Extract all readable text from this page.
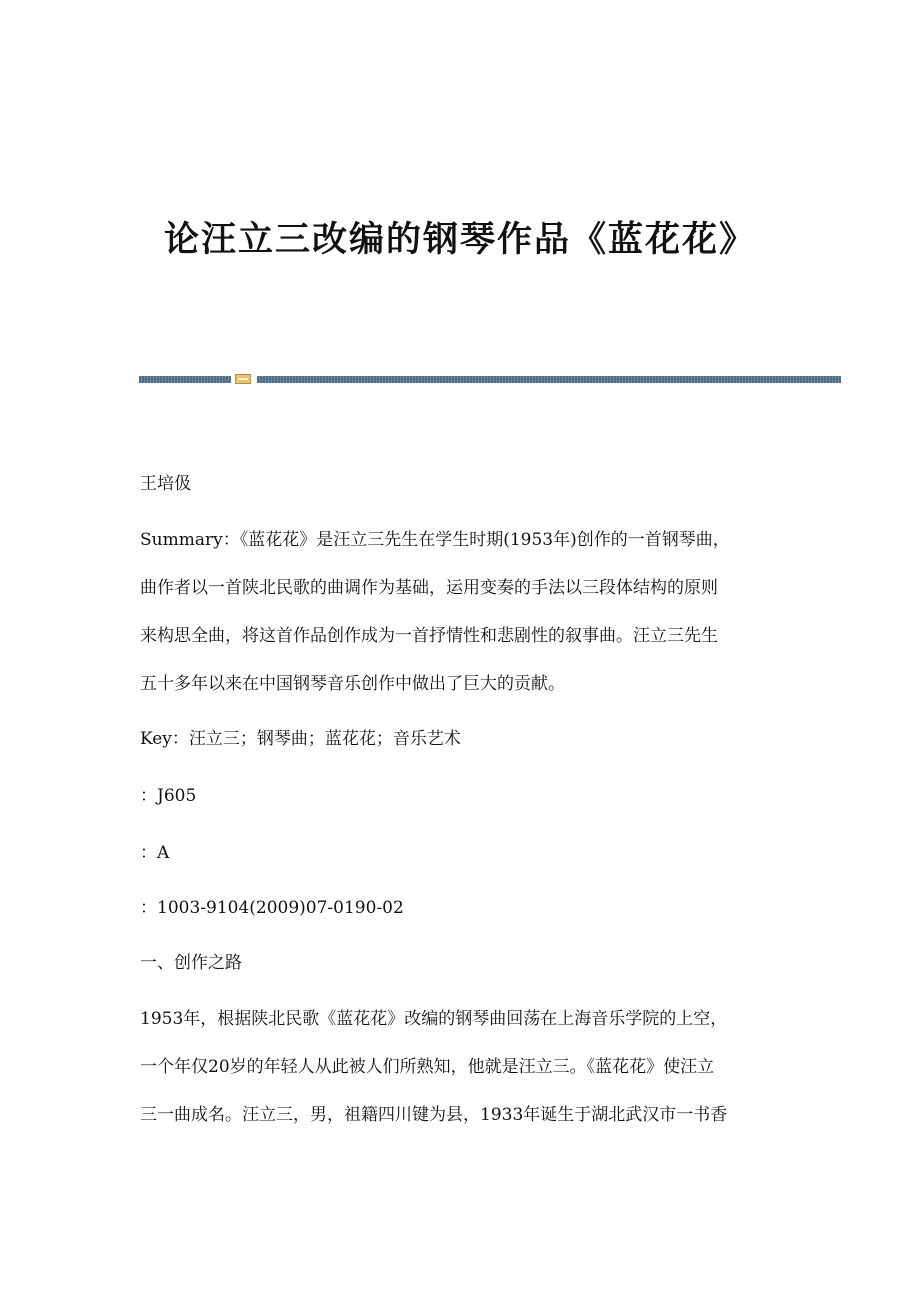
论汪立三改编的钢琴作品《蓝花花》
王培伋
Summary：《蓝花花》是汪立三先生在学生时期(1953年)创作的一首钢琴曲，
曲作者以一首陕北民歌的曲调作为基础，运用变奏的手法以三段体结构的原则
来构思全曲，将这首作品创作成为一首抒情性和悲剧性的叙事曲。汪立三先生
五十多年以来在中国钢琴音乐创作中做出了巨大的贡献。
Key：汪立三；钢琴曲；蓝花花；音乐艺术
：J605
：A
：1003-9104(2009)07-0190-02
一、创作之路
1953年，根据陕北民歌《蓝花花》改编的钢琴曲回荡在上海音乐学院的上空，
一个年仅20岁的年轻人从此被人们所熟知，他就是汪立三。《蓝花花》使汪立
三一曲成名。汪立三，男，祖籍四川键为县，1933年诞生于湖北武汉市一书香
